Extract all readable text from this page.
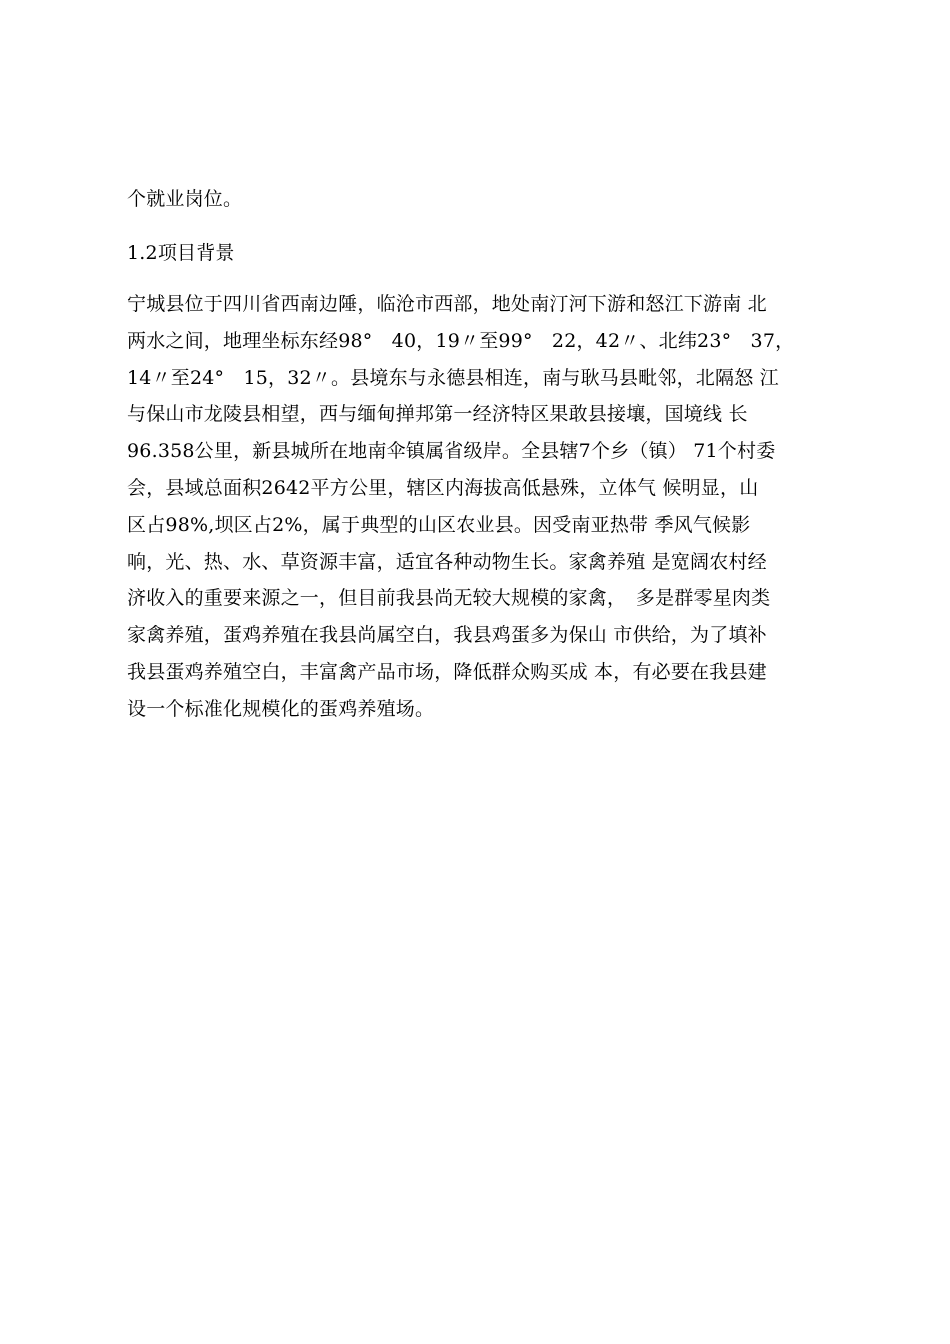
个就业岗位。
1.2项目背景
宁城县位于四川省西南边陲，临沧市西部，地处南汀河下游和怒江下游南 北
两水之间，地理坐标东经98°　40，19〃至99°　22，42〃、北纬23°　37，
14〃至24°　15，32〃。县境东与永德县相连，南与耿马县毗邻，北隔怒 江
与保山市龙陵县相望，西与缅甸掸邦第一经济特区果敢县接壤，国境线 长
96.358公里，新县城所在地南伞镇属省级岸。全县辖7个乡（镇） 71个村委
会，县域总面积2642平方公里，辖区内海拔高低悬殊，立体气 候明显，山
区占98%,坝区占2%，属于典型的山区农业县。因受南亚热带 季风气候影
响，光、热、水、草资源丰富，适宜各种动物生长。家禽养殖 是宽阔农村经
济收入的重要来源之一，但目前我县尚无较大规模的家禽，　多是群零星肉类
家禽养殖，蛋鸡养殖在我县尚属空白，我县鸡蛋多为保山 市供给，为了填补
我县蛋鸡养殖空白，丰富禽产品市场，降低群众购买成 本，有必要在我县建
设一个标准化规模化的蛋鸡养殖场。
